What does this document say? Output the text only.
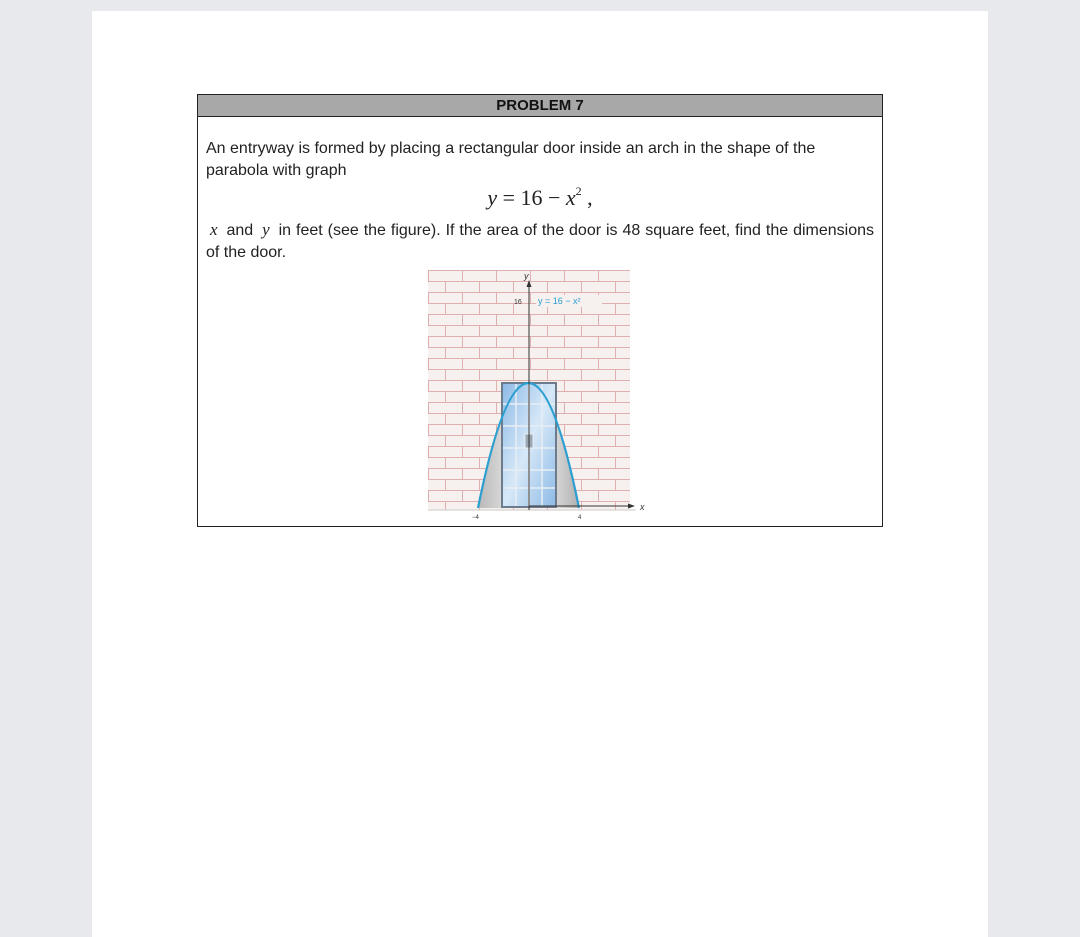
PROBLEM 7
An entryway is formed by placing a rectangular door inside an arch in the shape of the parabola with graph
$y = 16 - x^2$ ,
x and y in feet (see the figure). If the area of the door is 48 square feet, find the dimensions of the door.
y
x
16 y = 16 − x²
−4	4
